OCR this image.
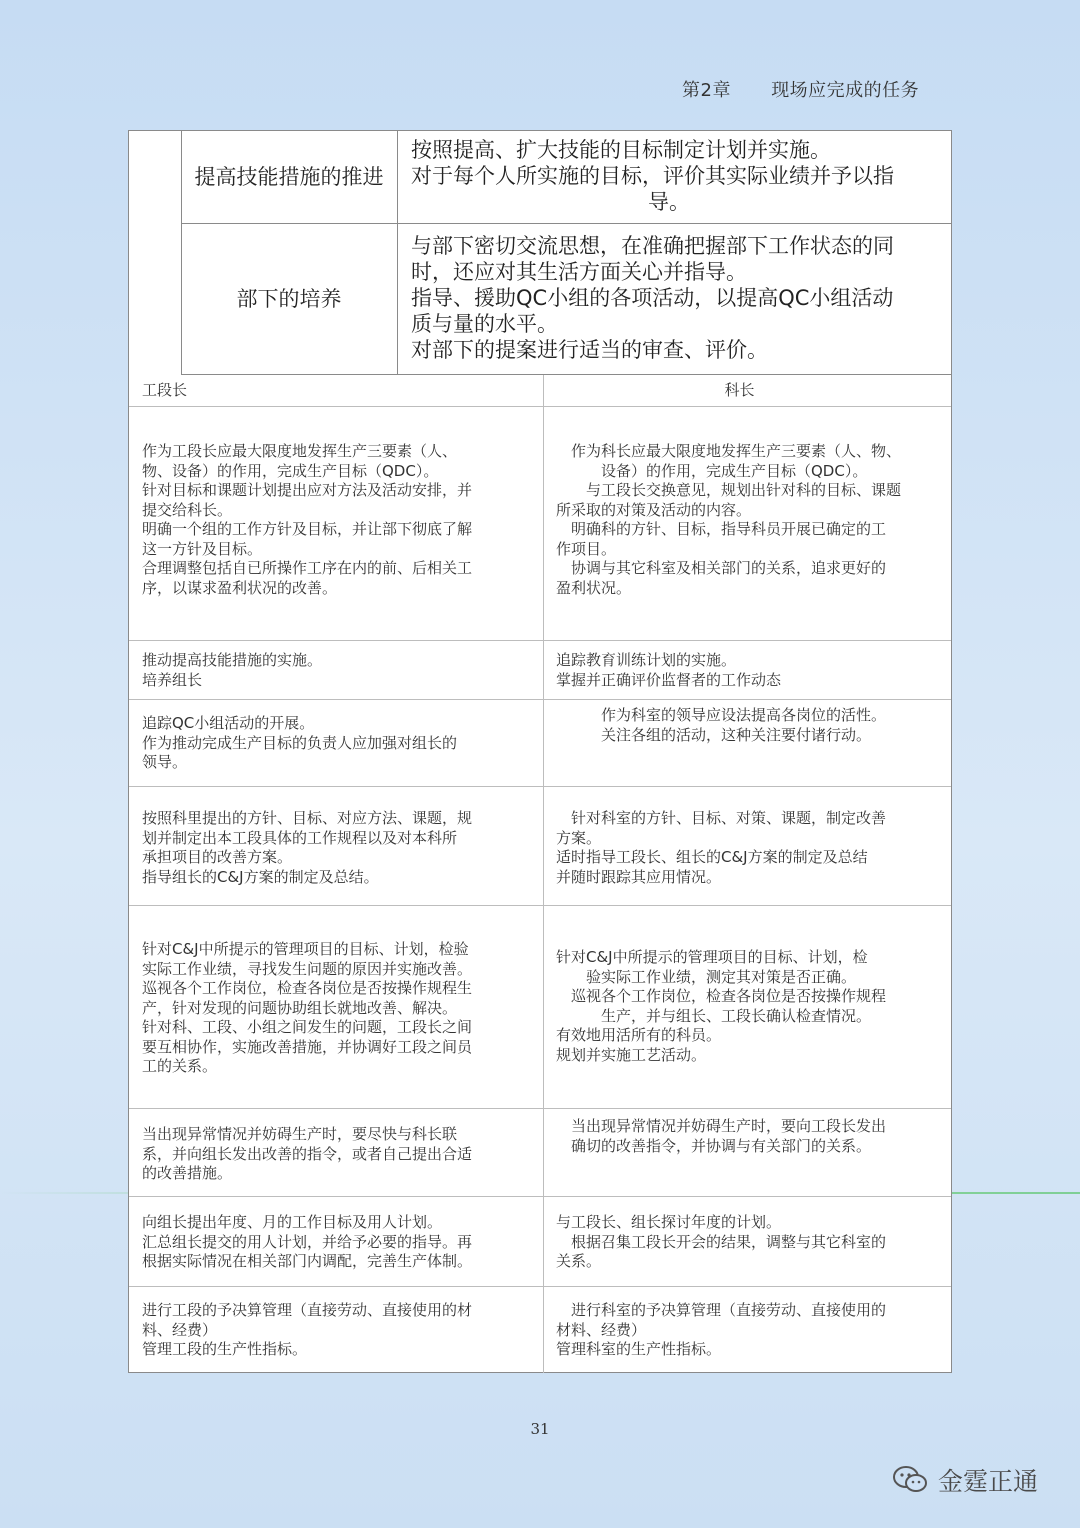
第2章 现场应完成的任务
提高技能措施的推进
按照提高、扩大技能的目标制定计划并实施。
对于每个人所实施的目标，评价其实际业绩并予以指
导。
部下的培养
与部下密切交流思想，在准确把握部下工作状态的同
时，还应对其生活方面关心并指导。
指导、援助QC小组的各项活动，以提高QC小组活动
质与量的水平。
对部下的提案进行适当的审查、评价。
工段长	科长
作为工段长应最大限度地发挥生产三要素（人、
物、设备）的作用，完成生产目标（QDC）。
针对目标和课题计划提出应对方法及活动安排，并
提交给科长。
明确一个组的工作方针及目标，并让部下彻底了解
这一方针及目标。
合理调整包括自已所操作工序在内的前、后相关工
序，以谋求盈利状况的改善。
　作为科长应最大限度地发挥生产三要素（人、物、
　　　设备）的作用，完成生产目标（QDC）。
　　与工段长交换意见，规划出针对科的目标、课题
所采取的对策及活动的内容。
　明确科的方针、目标，指导科员开展已确定的工
作项目。
　协调与其它科室及相关部门的关系，追求更好的
盈利状况。
推动提高技能措施的实施。
培养组长
追踪教育训练计划的实施。
掌握并正确评价监督者的工作动态
追踪QC小组活动的开展。
作为推动完成生产目标的负责人应加强对组长的
领导。
　　　作为科室的领导应设法提高各岗位的活性。
　　　关注各组的活动，这种关注要付诸行动。
按照科里提出的方针、目标、对应方法、课题，规
划并制定出本工段具体的工作规程以及对本科所
承担项目的改善方案。
指导组长的C&J方案的制定及总结。
　针对科室的方针、目标、对策、课题，制定改善
方案。
适时指导工段长、组长的C&J方案的制定及总结
并随时跟踪其应用情况。
针对C&J中所提示的管理项目的目标、计划，检验
实际工作业绩，寻找发生问题的原因并实施改善。
巡视各个工作岗位，检查各岗位是否按操作规程生
产，针对发现的问题协助组长就地改善、解决。
针对科、工段、小组之间发生的问题，工段长之间
要互相协作，实施改善措施，并协调好工段之间员
工的关系。
针对C&J中所提示的管理项目的目标、计划，检
　　验实际工作业绩，测定其对策是否正确。
　巡视各个工作岗位，检查各岗位是否按操作规程
　　　生产，并与组长、工段长确认检查情况。
有效地用活所有的科员。
规划并实施工艺活动。
当出现异常情况并妨碍生产时，要尽快与科长联
系，并向组长发出改善的指令，或者自己提出合适
的改善措施。
　当出现异常情况并妨碍生产时，要向工段长发出
　确切的改善指令，并协调与有关部门的关系。
向组长提出年度、月的工作目标及用人计划。
汇总组长提交的用人计划，并给予必要的指导。再
根据实际情况在相关部门内调配，完善生产体制。
与工段长、组长探讨年度的计划。
　根据召集工段长开会的结果，调整与其它科室的
关系。
进行工段的予决算管理（直接劳动、直接使用的材
料、经费）
管理工段的生产性指标。
　进行科室的予决算管理（直接劳动、直接使用的
材料、经费）
管理科室的生产性指标。
31
金霆正通
